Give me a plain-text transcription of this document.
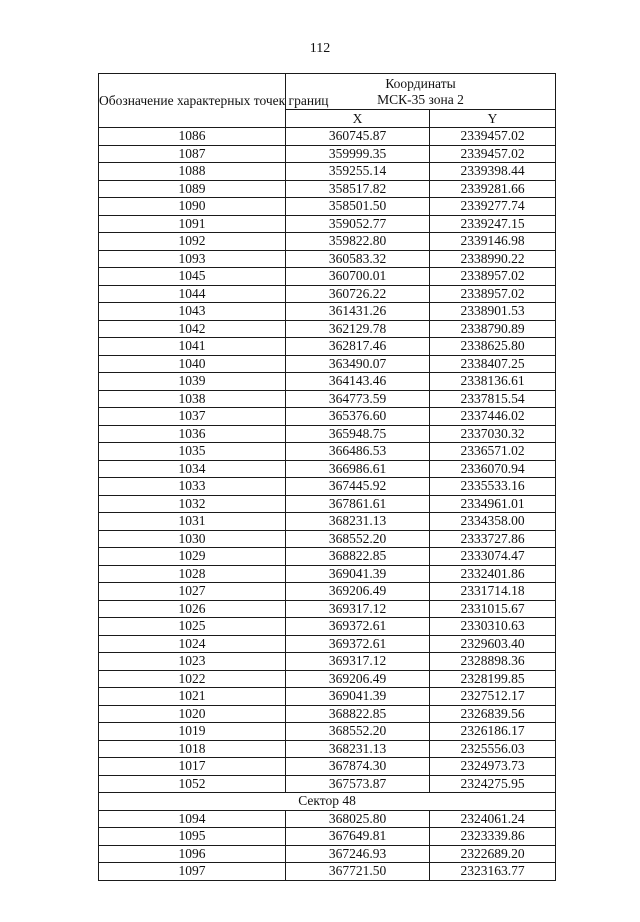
112
Обозначение характерных точек границ	Координаты
МСК-35 зона 2	

	X	Y
1086	360745.87	2339457.02
1087	359999.35	2339457.02
1088	359255.14	2339398.44
1089	358517.82	2339281.66
1090	358501.50	2339277.74
1091	359052.77	2339247.15
1092	359822.80	2339146.98
1093	360583.32	2338990.22
1045	360700.01	2338957.02
1044	360726.22	2338957.02
1043	361431.26	2338901.53
1042	362129.78	2338790.89
1041	362817.46	2338625.80
1040	363490.07	2338407.25
1039	364143.46	2338136.61
1038	364773.59	2337815.54
1037	365376.60	2337446.02
1036	365948.75	2337030.32
1035	366486.53	2336571.02
1034	366986.61	2336070.94
1033	367445.92	2335533.16
1032	367861.61	2334961.01
1031	368231.13	2334358.00
1030	368552.20	2333727.86
1029	368822.85	2333074.47
1028	369041.39	2332401.86
1027	369206.49	2331714.18
1026	369317.12	2331015.67
1025	369372.61	2330310.63
1024	369372.61	2329603.40
1023	369317.12	2328898.36
1022	369206.49	2328199.85
1021	369041.39	2327512.17
1020	368822.85	2326839.56
1019	368552.20	2326186.17
1018	368231.13	2325556.03
1017	367874.30	2324973.73
1052	367573.87	2324275.95
Сектор 48		
1094	368025.80	2324061.24
1095	367649.81	2323339.86
1096	367246.93	2322689.20
1097	367721.50	2323163.77
